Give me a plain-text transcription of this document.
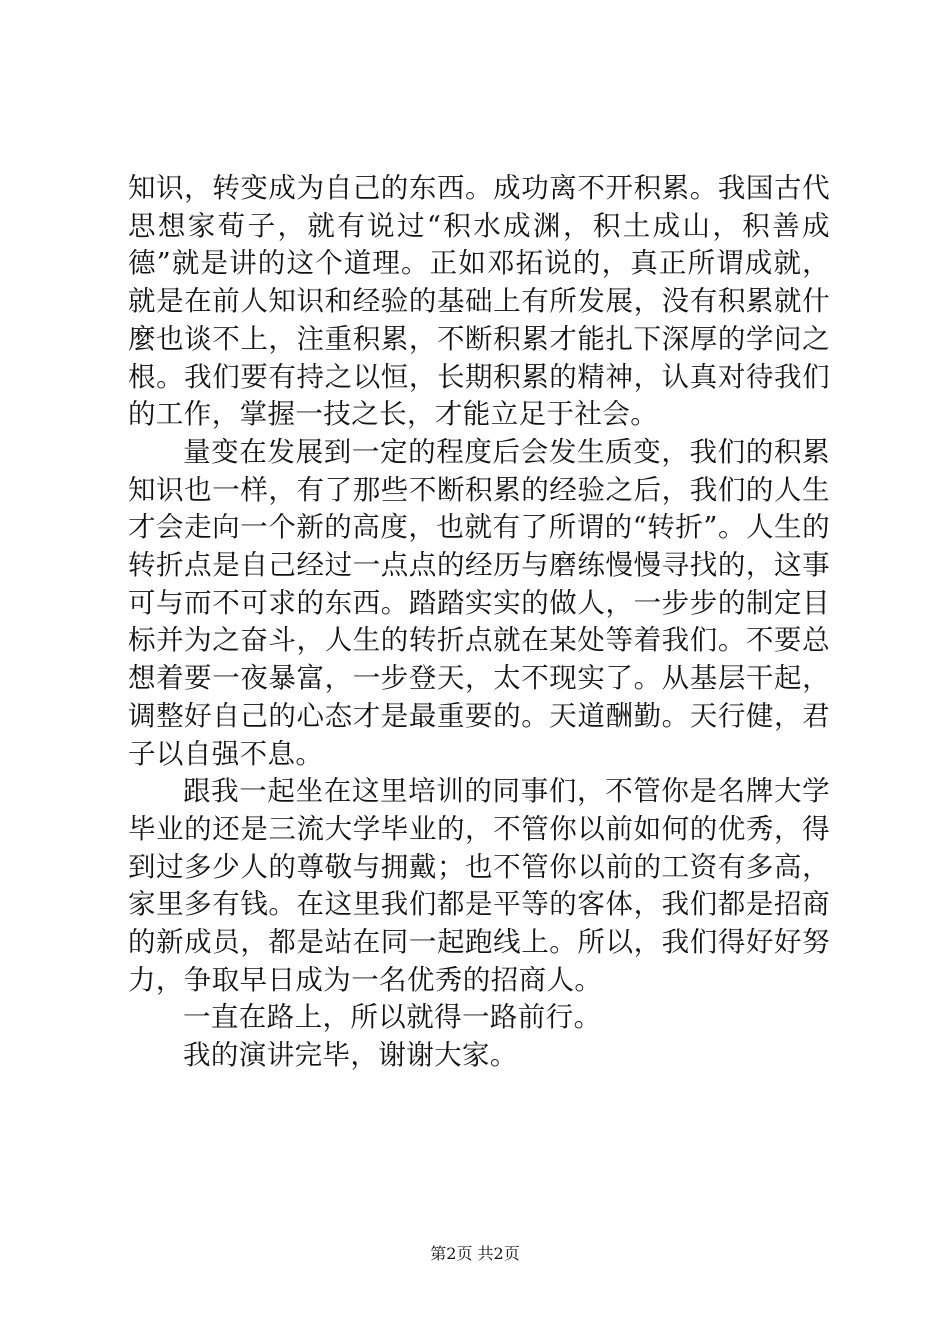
知识，转变成为自己的东西。成功离不开积累。我国古代思想家荀子，就有说过“积水成渊，积土成山，积善成德”就是讲的这个道理。正如邓拓说的，真正所谓成就，就是在前人知识和经验的基础上有所发展，没有积累就什麼也谈不上，注重积累，不断积累才能扎下深厚的学问之根。我们要有持之以恒，长期积累的精神，认真对待我们的工作，掌握一技之长，才能立足于社会。

量变在发展到一定的程度后会发生质变，我们的积累知识也一样，有了那些不断积累的经验之后，我们的人生才会走向一个新的高度，也就有了所谓的“转折”。人生的转折点是自己经过一点点的经历与磨练慢慢寻找的，这事可与而不可求的东西。踏踏实实的做人，一步步的制定目标并为之奋斗，人生的转折点就在某处等着我们。不要总想着要一夜暴富，一步登天，太不现实了。从基层干起，调整好自己的心态才是最重要的。天道酬勤。天行健，君子以自强不息。

跟我一起坐在这里培训的同事们，不管你是名牌大学毕业的还是三流大学毕业的，不管你以前如何的优秀，得到过多少人的尊敬与拥戴；也不管你以前的工资有多高，家里多有钱。在这里我们都是平等的客体，我们都是招商的新成员，都是站在同一起跑线上。所以，我们得好好努力，争取早日成为一名优秀的招商人。

一直在路上，所以就得一路前行。

我的演讲完毕，谢谢大家。

第2页 共2页
